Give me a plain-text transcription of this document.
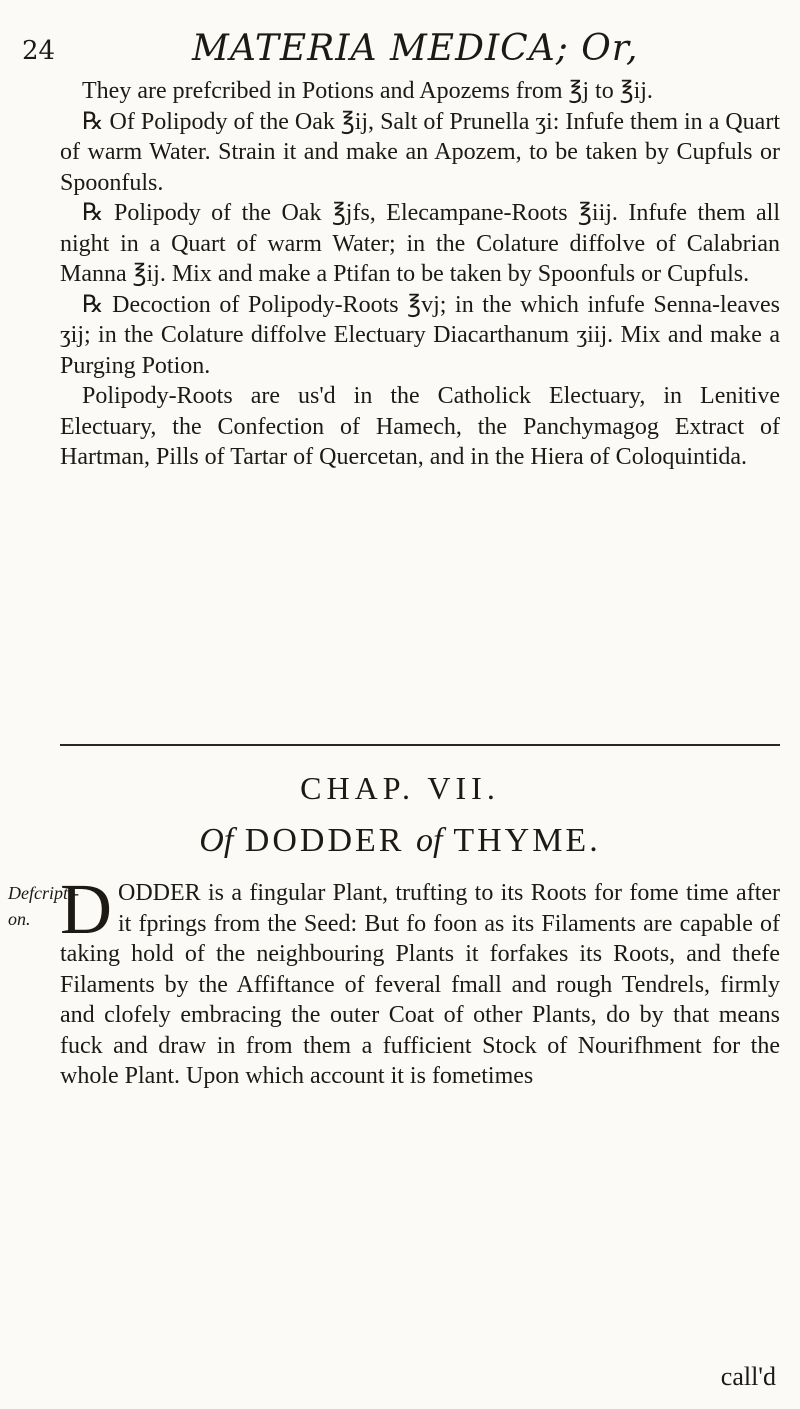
24	MATERIA MEDICA; Or,

They are prefcribed in Potions and Apozems from ℥j to ℥ij.

℞ Of Polipody of the Oak ℥ij, Salt of Prunella ʒi: Infufe them in a Quart of warm Water. Strain it and make an Apozem, to be taken by Cupfuls or Spoonfuls.

℞ Polipody of the Oak ℥jfs, Elecampane-Roots ℥iij. Infufe them all night in a Quart of warm Water; in the Colature diffolve of Calabrian Manna ℥ij. Mix and make a Ptifan to be taken by Spoonfuls or Cupfuls.

℞ Decoction of Polipody-Roots ℥vj; in the which infufe Senna-leaves ʒij; in the Colature diffolve Electuary Diacarthanum ʒiij. Mix and make a Purging Potion.

Polipody-Roots are us'd in the Catholick Electuary, in Lenitive Electuary, the Confection of Hamech, the Panchymagog Extract of Hartman, Pills of Tartar of Quercetan, and in the Hiera of Coloquintida.

CHAP. VII.
Of DODDER of THYME.
Defcripti-on. DODDER is a fingular Plant, trufting to its Roots for fome time after it fprings from the Seed: But fo foon as its Filaments are capable of taking hold of the neighbouring Plants it forfakes its Roots, and thefe Filaments by the Affiftance of feveral fmall and rough Tendrels, firmly and clofely embracing the outer Coat of other Plants, do by that means fuck and draw in from them a fufficient Stock of Nourifhment for the whole Plant. Upon which account it is fometimes

call'd
